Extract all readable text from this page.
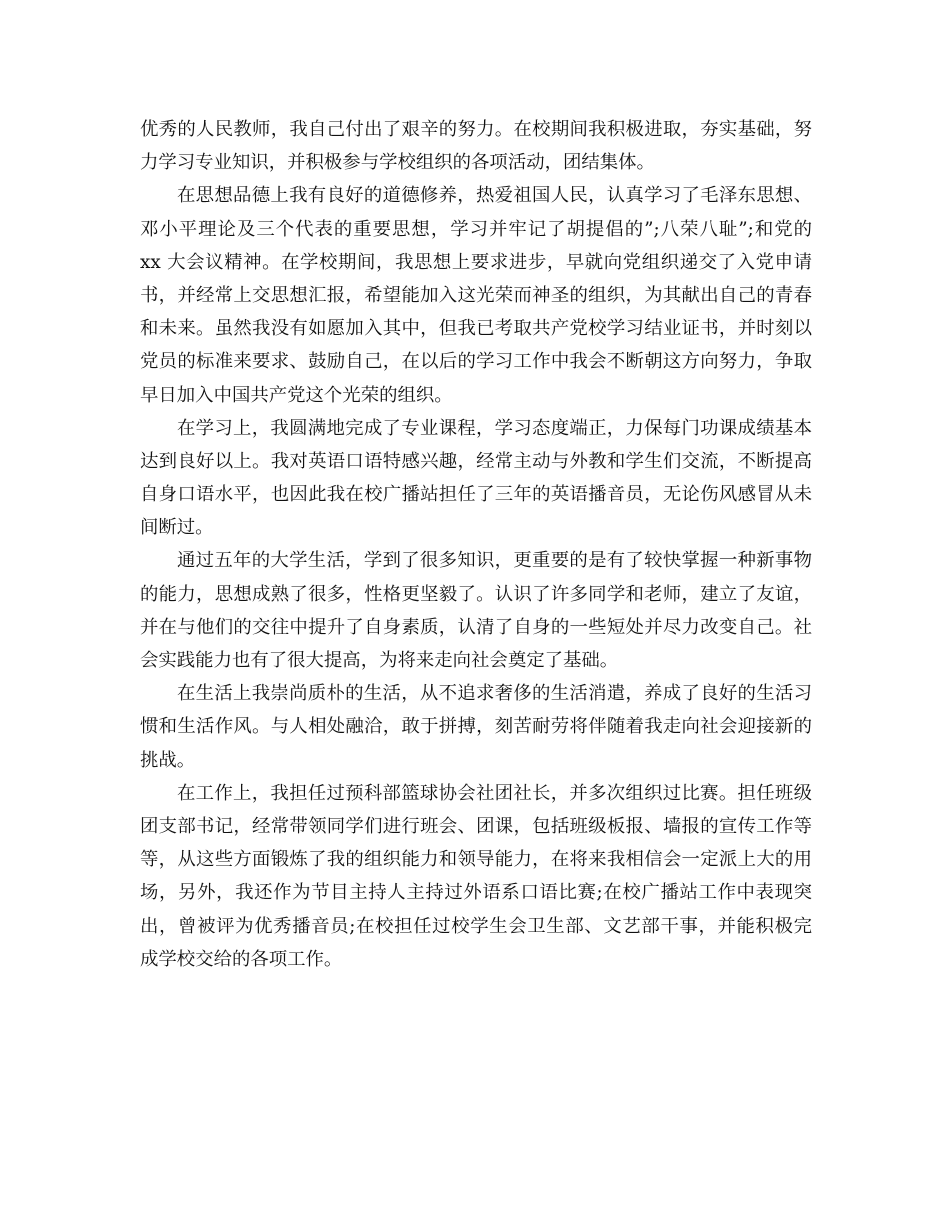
优秀的人民教师，我自己付出了艰辛的努力。在校期间我积极进取，夯实基础，努
力学习专业知识，并积极参与学校组织的各项活动，团结集体。
在思想品德上我有良好的道德修养，热爱祖国人民，认真学习了毛泽东思想、
邓小平理论及三个代表的重要思想，学习并牢记了胡提倡的”;八荣八耻”;和党的
xx 大会议精神。在学校期间，我思想上要求进步，早就向党组织递交了入党申请
书，并经常上交思想汇报，希望能加入这光荣而神圣的组织，为其献出自己的青春
和未来。虽然我没有如愿加入其中，但我已考取共产党校学习结业证书，并时刻以
党员的标准来要求、鼓励自己，在以后的学习工作中我会不断朝这方向努力，争取
早日加入中国共产党这个光荣的组织。
在学习上，我圆满地完成了专业课程，学习态度端正，力保每门功课成绩基本
达到良好以上。我对英语口语特感兴趣，经常主动与外教和学生们交流，不断提高
自身口语水平，也因此我在校广播站担任了三年的英语播音员，无论伤风感冒从未
间断过。
通过五年的大学生活，学到了很多知识，更重要的是有了较快掌握一种新事物
的能力，思想成熟了很多，性格更坚毅了。认识了许多同学和老师，建立了友谊，
并在与他们的交往中提升了自身素质，认清了自身的一些短处并尽力改变自己。社
会实践能力也有了很大提高，为将来走向社会奠定了基础。
在生活上我崇尚质朴的生活，从不追求奢侈的生活消遣，养成了良好的生活习
惯和生活作风。与人相处融洽，敢于拼搏，刻苦耐劳将伴随着我走向社会迎接新的
挑战。
在工作上，我担任过预科部篮球协会社团社长，并多次组织过比赛。担任班级
团支部书记，经常带领同学们进行班会、团课，包括班级板报、墙报的宣传工作等
等，从这些方面锻炼了我的组织能力和领导能力，在将来我相信会一定派上大的用
场，另外，我还作为节目主持人主持过外语系口语比赛;在校广播站工作中表现突
出，曾被评为优秀播音员;在校担任过校学生会卫生部、文艺部干事，并能积极完
成学校交给的各项工作。
